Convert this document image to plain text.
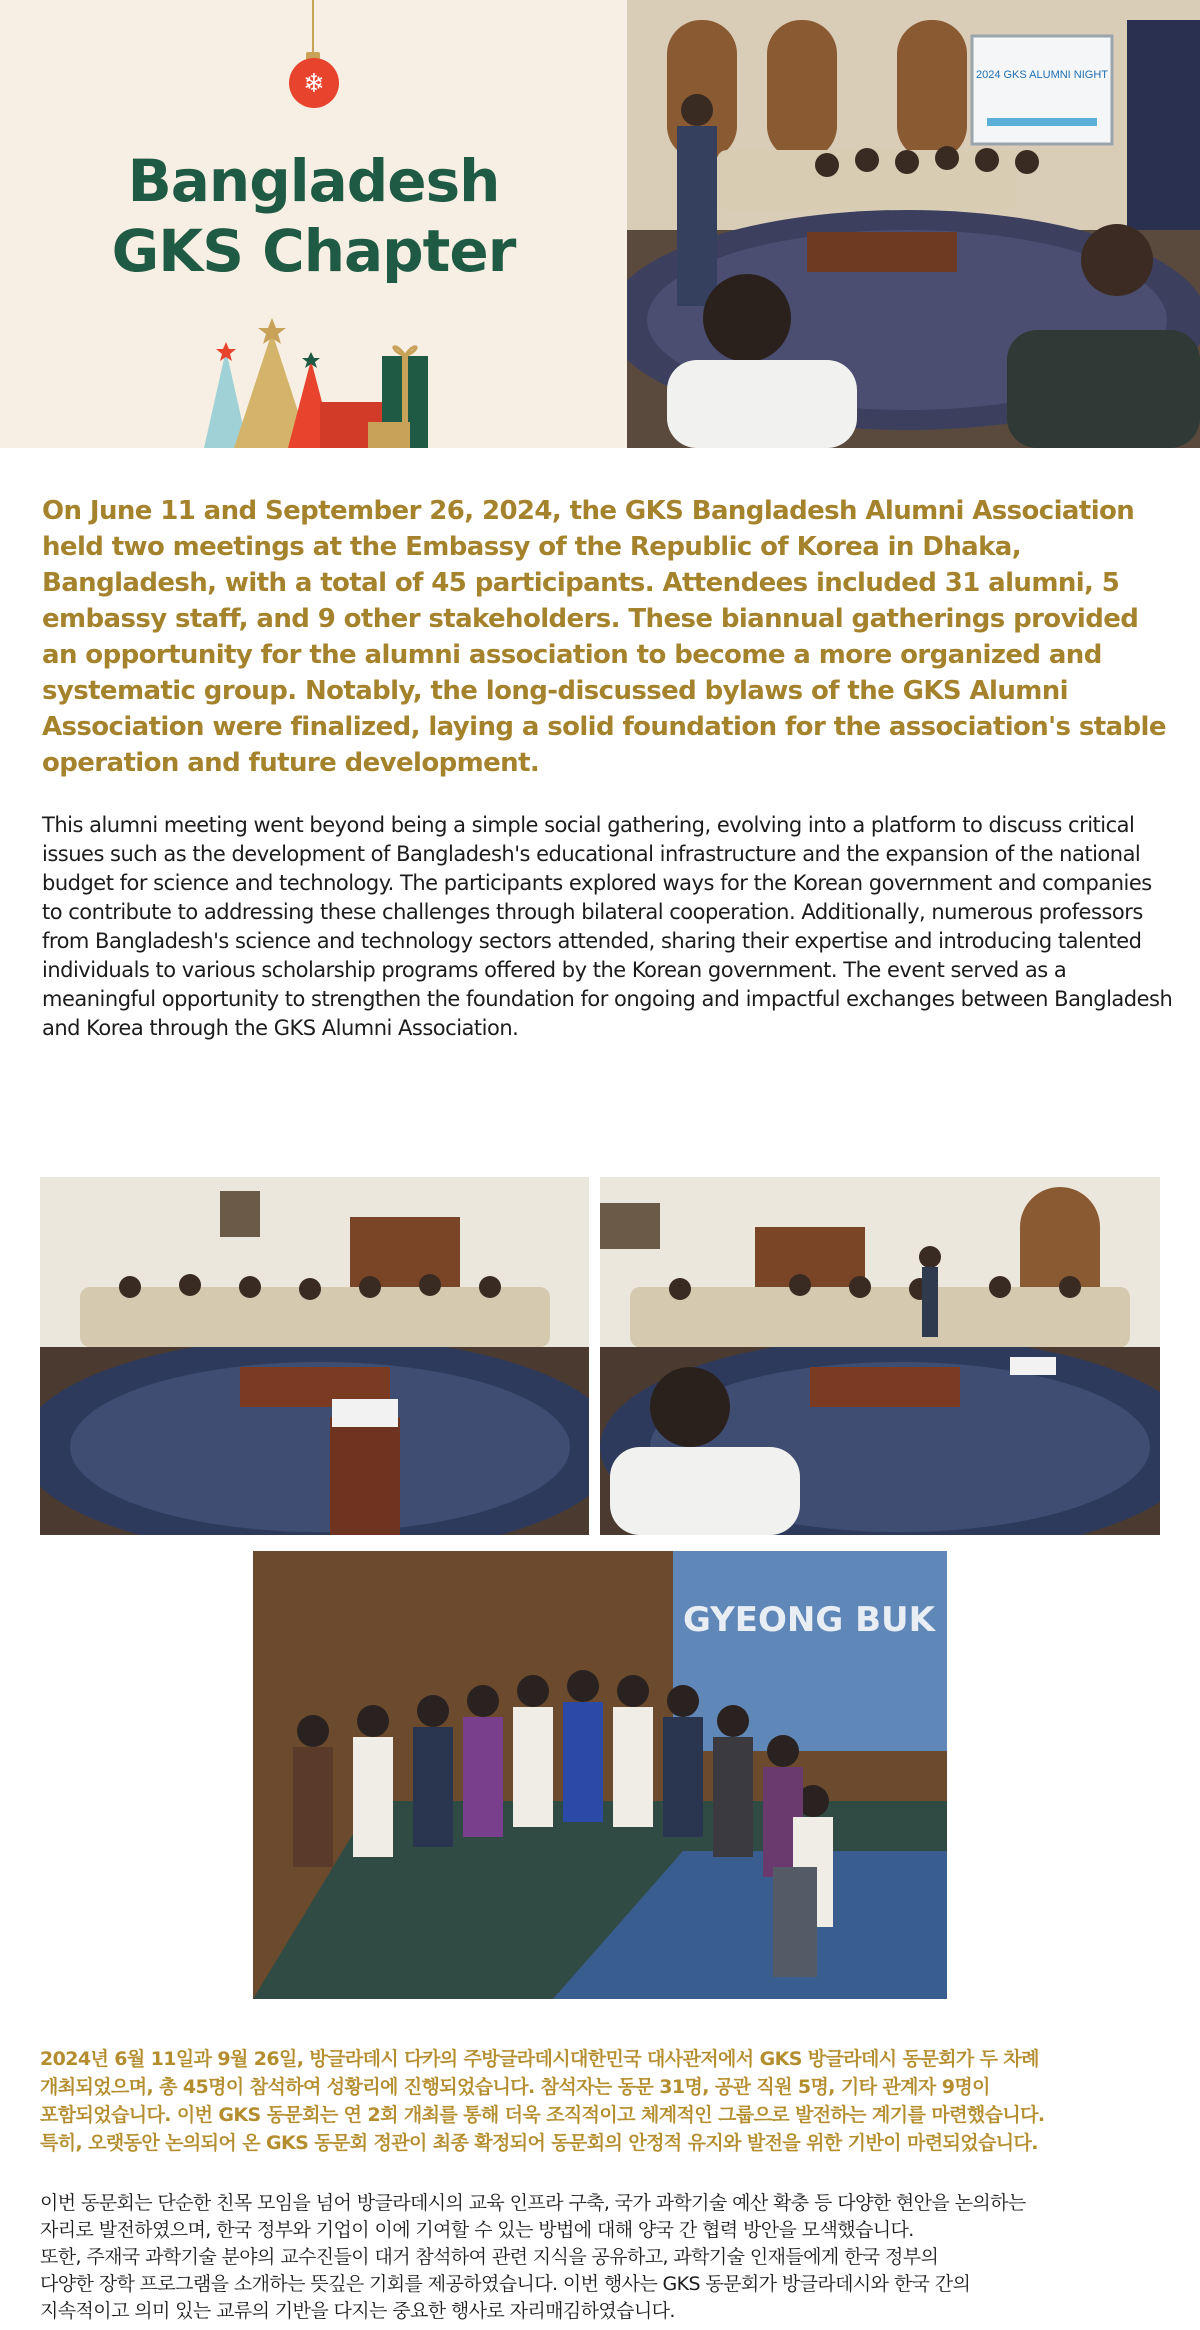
❄
Bangladesh
GKS Chapter
2024 GKS ALUMNI NIGHT

On June 11 and September 26, 2024, the GKS Bangladesh Alumni Association held two meetings at the Embassy of the Republic of Korea in Dhaka, Bangladesh, with a total of 45 participants. Attendees included 31 alumni, 5 embassy staff, and 9 other stakeholders. These biannual gatherings provided an opportunity for the alumni association to become a more organized and systematic group. Notably, the long-discussed bylaws of the GKS Alumni Association were finalized, laying a solid foundation for the association's stable operation and future development.

This alumni meeting went beyond being a simple social gathering, evolving into a platform to discuss critical issues such as the development of Bangladesh's educational infrastructure and the expansion of the national budget for science and technology. The participants explored ways for the Korean government and companies to contribute to addressing these challenges through bilateral cooperation. Additionally, numerous professors from Bangladesh's science and technology sectors attended, sharing their expertise and introducing talented individuals to various scholarship programs offered by the Korean government. The event served as a meaningful opportunity to strengthen the foundation for ongoing and impactful exchanges between Bangladesh and Korea through the GKS Alumni Association.

GYEONG BUK

2024년 6월 11일과 9월 26일, 방글라데시 다카의 주방글라데시대한민국 대사관저에서 GKS 방글라데시 동문회가 두 차례
개최되었으며, 총 45명이 참석하여 성황리에 진행되었습니다. 참석자는 동문 31명, 공관 직원 5명, 기타 관계자 9명이
포함되었습니다. 이번 GKS 동문회는 연 2회 개최를 통해 더욱 조직적이고 체계적인 그룹으로 발전하는 계기를 마련했습니다.
특히, 오랫동안 논의되어 온 GKS 동문회 정관이 최종 확정되어 동문회의 안정적 유지와 발전을 위한 기반이 마련되었습니다.

이번 동문회는 단순한 친목 모임을 넘어 방글라데시의 교육 인프라 구축, 국가 과학기술 예산 확충 등 다양한 현안을 논의하는
자리로 발전하였으며, 한국 정부와 기업이 이에 기여할 수 있는 방법에 대해 양국 간 협력 방안을 모색했습니다.
또한, 주재국 과학기술 분야의 교수진들이 대거 참석하여 관련 지식을 공유하고, 과학기술 인재들에게 한국 정부의
다양한 장학 프로그램을 소개하는 뜻깊은 기회를 제공하였습니다. 이번 행사는 GKS 동문회가 방글라데시와 한국 간의
지속적이고 의미 있는 교류의 기반을 다지는 중요한 행사로 자리매김하였습니다.
